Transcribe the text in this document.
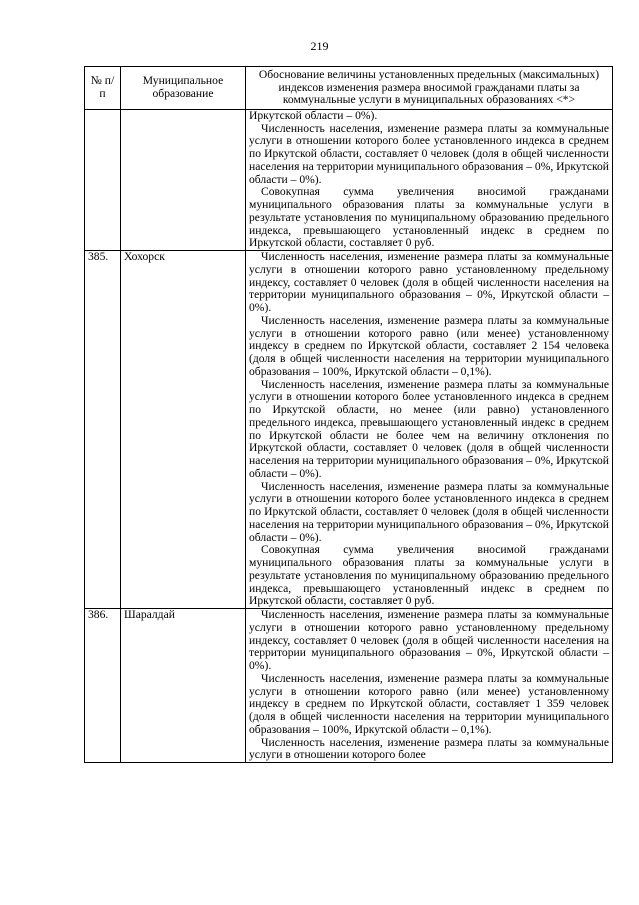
219
№ п/п	Муниципальное образование	Обоснование величины установленных предельных (максимальных) индексов изменения размера вносимой гражданами платы за коммунальные услуги в муниципальных образованиях <*>

		Иркутской области – 0%).

Численность населения, изменение размера платы за коммунальные услуги в отношении которого более установленного индекса в среднем по Иркутской области, составляет 0 человек (доля в общей численности населения на территории муниципального образования – 0%, Иркутской области – 0%).

Совокупная сумма увеличения вносимой гражданами муниципального образования платы за коммунальные услуги в результате установления по муниципальному образованию предельного индекса, превышающего установленный индекс в среднем по Иркутской области, составляет 0 руб.

385.	Хохорск	Численность населения, изменение размера платы за коммунальные услуги в отношении которого равно установленному предельному индексу, составляет 0 человек (доля в общей численности населения на территории муниципального образования – 0%, Иркутской области – 0%).

Численность населения, изменение размера платы за коммунальные услуги в отношении которого равно (или менее) установленному индексу в среднем по Иркутской области, составляет 2 154 человека (доля в общей численности населения на территории муниципального образования – 100%, Иркутской области – 0,1%).

Численность населения, изменение размера платы за коммунальные услуги в отношении которого более установленного индекса в среднем по Иркутской области, но менее (или равно) установленного предельного индекса, превышающего установленный индекс в среднем по Иркутской области не более чем на величину отклонения по Иркутской области, составляет 0 человек (доля в общей численности населения на территории муниципального образования – 0%, Иркутской области – 0%).

Численность населения, изменение размера платы за коммунальные услуги в отношении которого более установленного индекса в среднем по Иркутской области, составляет 0 человек (доля в общей численности населения на территории муниципального образования – 0%, Иркутской области – 0%).

Совокупная сумма увеличения вносимой гражданами муниципального образования платы за коммунальные услуги в результате установления по муниципальному образованию предельного индекса, превышающего установленный индекс в среднем по Иркутской области, составляет 0 руб.

386.	Шаралдай	Численность населения, изменение размера платы за коммунальные услуги в отношении которого равно установленному предельному индексу, составляет 0 человек (доля в общей численности населения на территории муниципального образования – 0%, Иркутской области – 0%).

Численность населения, изменение размера платы за коммунальные услуги в отношении которого равно (или менее) установленному индексу в среднем по Иркутской области, составляет 1 359 человек (доля в общей численности населения на территории муниципального образования – 100%, Иркутской области – 0,1%).

Численность населения, изменение размера платы за коммунальные услуги в отношении которого более
